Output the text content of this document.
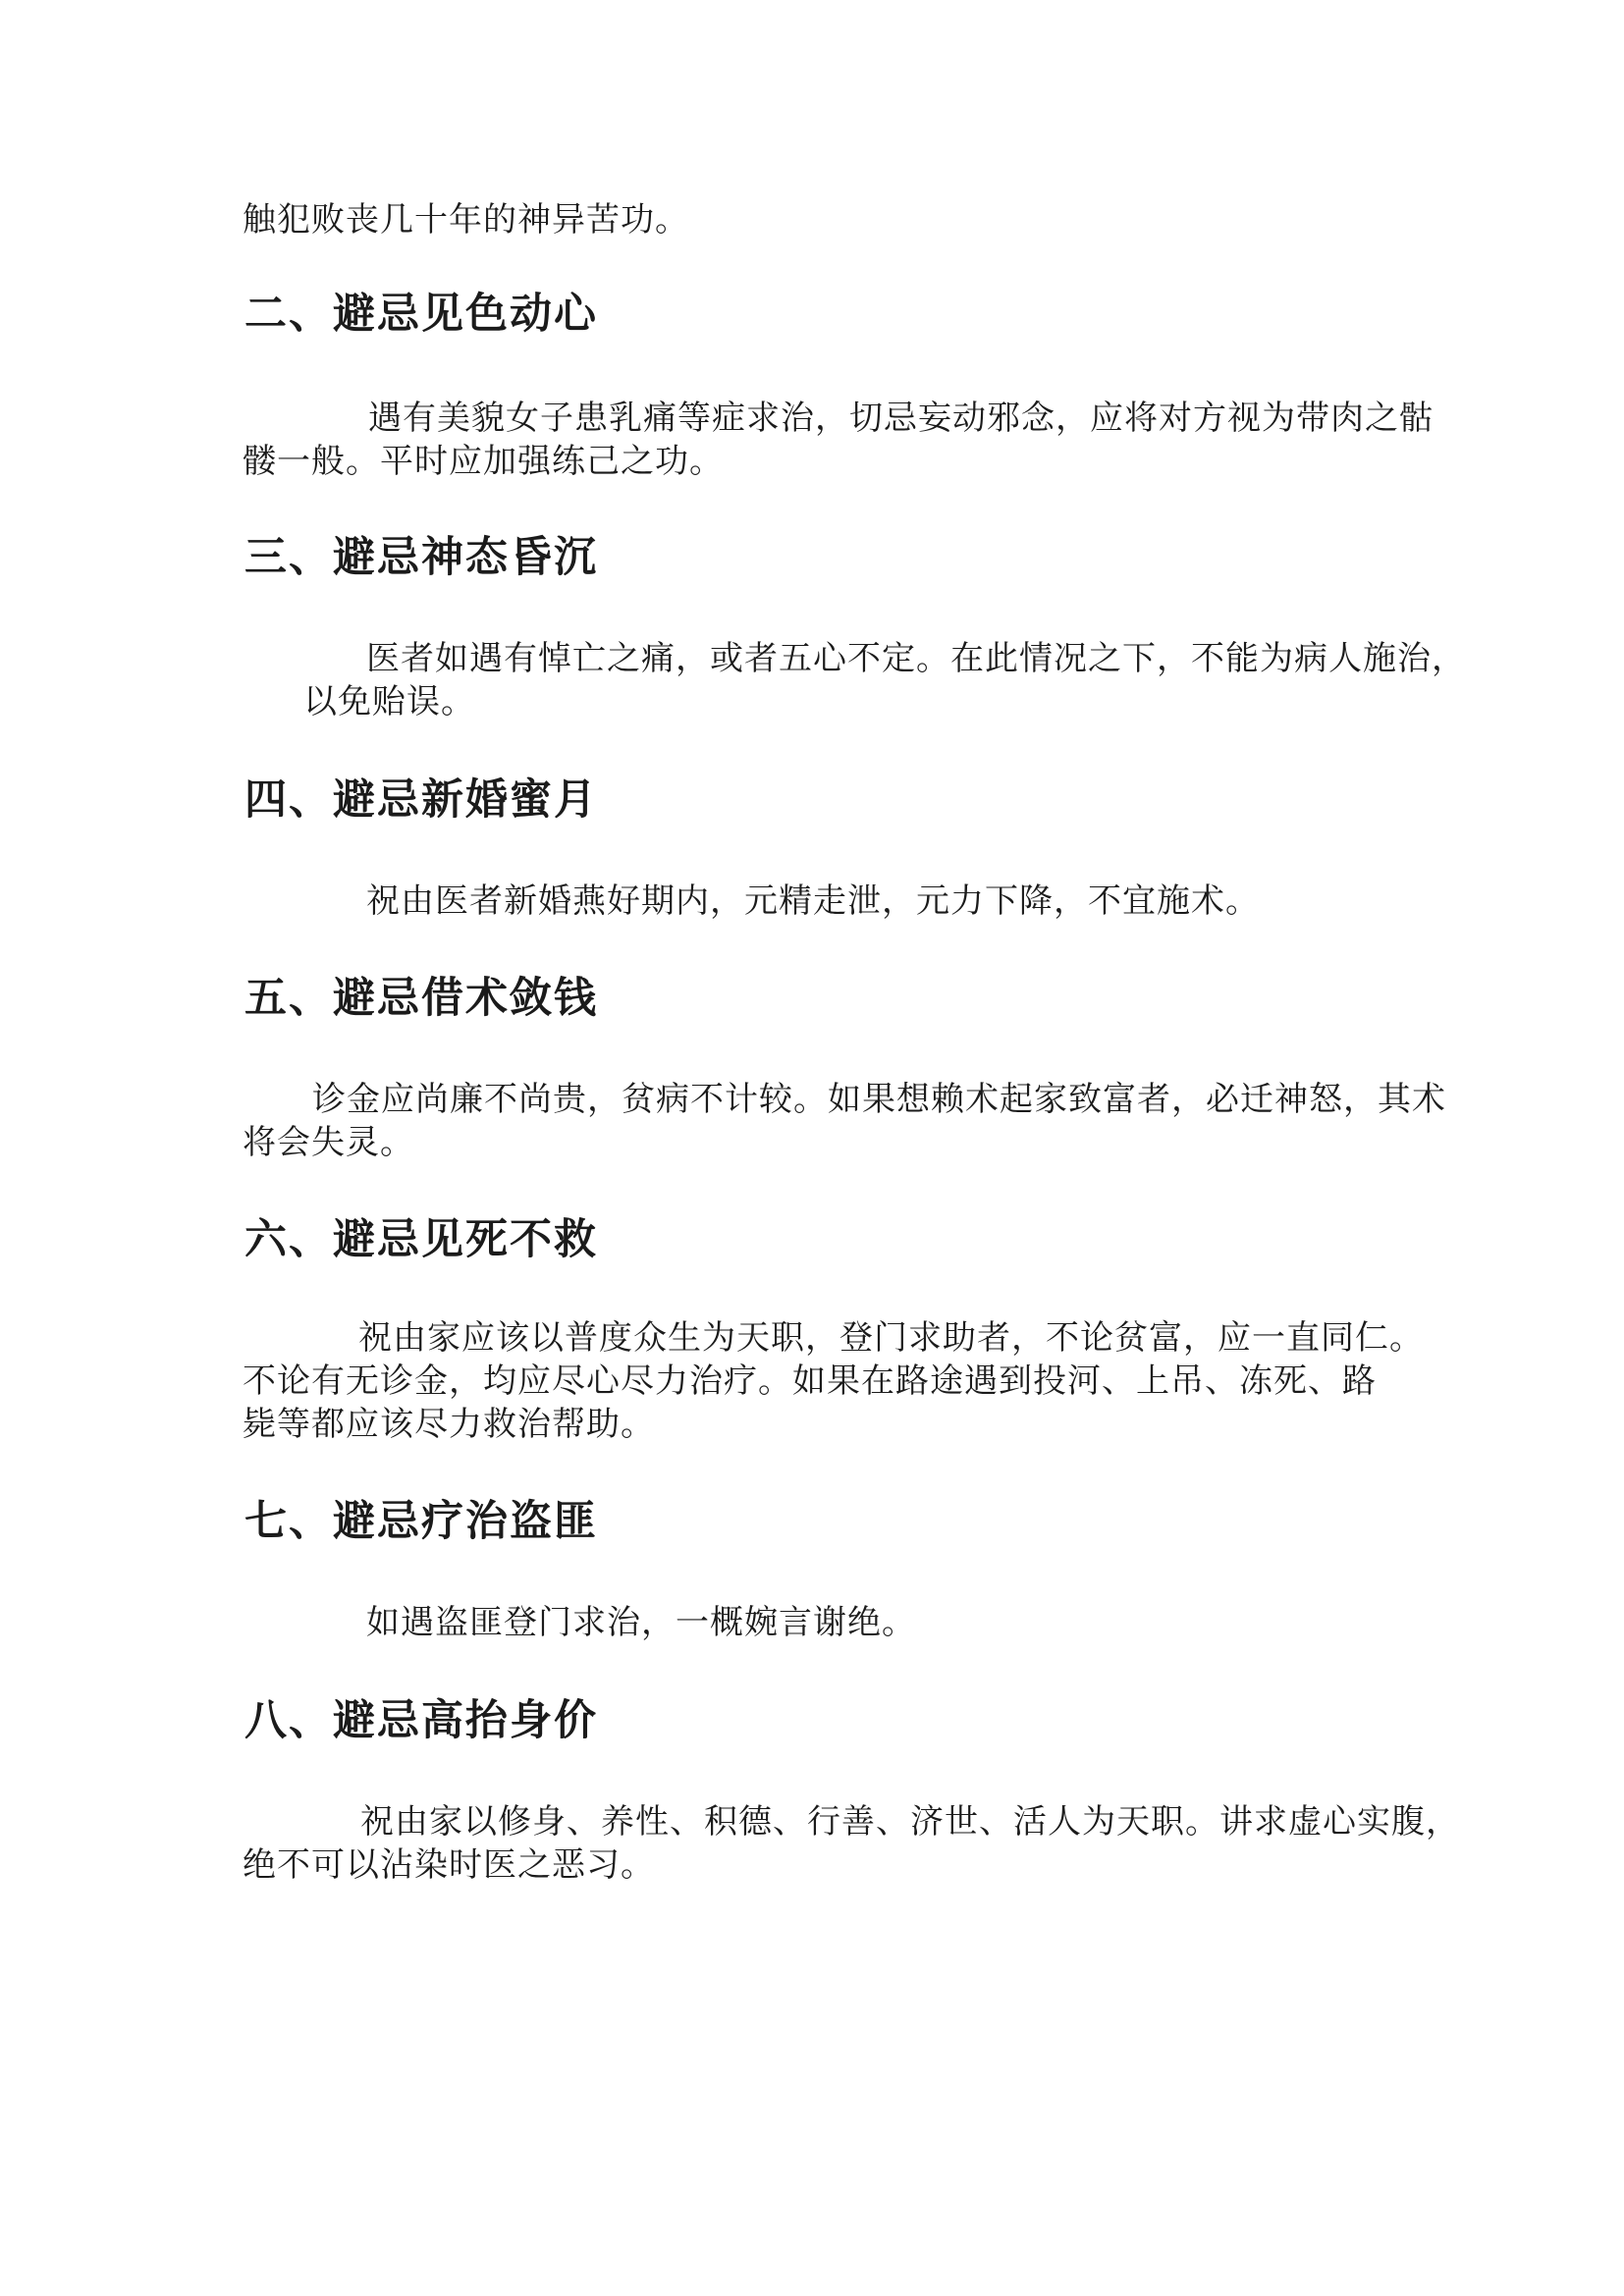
触犯败丧几十年的神异苦功。
二、避忌见色动心
遇有美貌女子患乳痛等症求治，切忌妄动邪念，应将对方视为带肉之骷
髅一般。平时应加强练己之功。
三、避忌神态昏沉
医者如遇有悼亡之痛，或者五心不定。在此情况之下，不能为病人施治，
以免贻误。
四、避忌新婚蜜月
祝由医者新婚燕好期内，元精走泄，元力下降，不宜施术。
五、避忌借术敛钱
诊金应尚廉不尚贵，贫病不计较。如果想赖术起家致富者，必迁神怒，其术
将会失灵。
六、避忌见死不救
祝由家应该以普度众生为天职，登门求助者，不论贫富，应一直同仁。
不论有无诊金，均应尽心尽力治疗。如果在路途遇到投河、上吊、冻死、路
毙等都应该尽力救治帮助。
七、避忌疗治盗匪
如遇盗匪登门求治，一概婉言谢绝。
八、避忌高抬身价
祝由家以修身、养性、积德、行善、济世、活人为天职。讲求虚心实腹，
绝不可以沾染时医之恶习。
